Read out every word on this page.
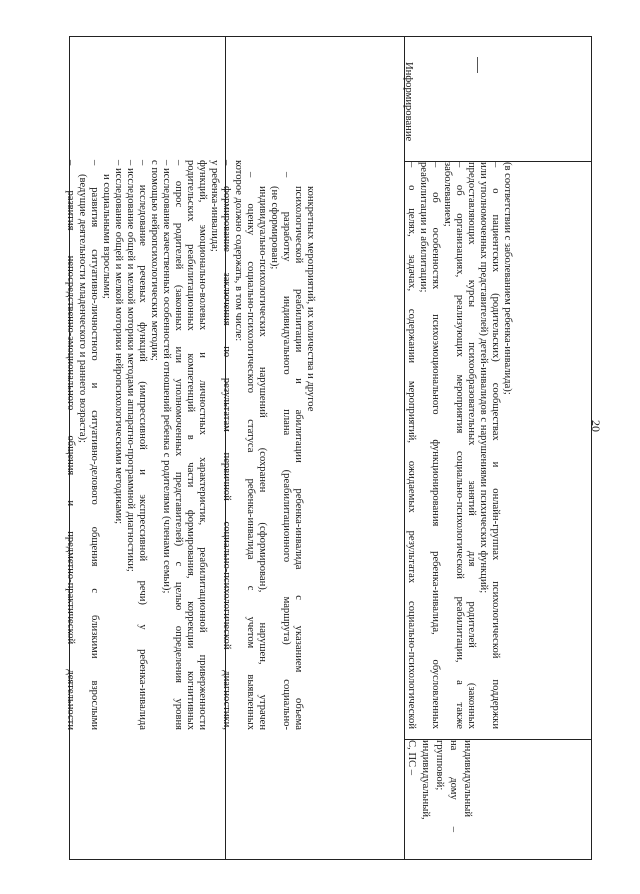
20
– развития непосредственно-эмоционального общения и предметно-практической деятельности (ведущие деятельности младенческого и раннего возраста); – развития ситуативно-личностного и ситуативно-делового общения с близкими взрослыми и социальными взрослыми; – исследование общей и мелкой моторики нейропсихологическими методиками; – исследование общей и мелкой моторики методами аппаратно-программной диагностики; – исследование речевых функций (импрессивной и экспрессивной речи) у ребенка-инвалида с помощью нейропсихологических методик; – исследование качественных особенностей отношений ребенка с родителями (членами семьи); – опрос родителей (законных или уполномоченных представителей) с целью определения уровня родительских реабилитационных компетенций в части формирования, коррекции когнитивных функций, эмоционально-волевых и личностных характеристик, реабилитационной приверженности у ребенка-инвалида; – формирование заключения по результатам первичной социально-психологической диагностики, которое должно содержать, в том числе: – оценку социально-психологического статуса ребенка-инвалида с учетом выявленных индивидуально-психологических нарушений (сохранен (сформирован), нарушен, утрачен (не сформирован); – разработку индивидуального плана (реабилитационного маршрута) социально- психологической реабилитации и абилитации ребенка-инвалида с указанием объема конкретных мероприятий, их количества и другое
Информирование
– о целях, задачах, содержании мероприятий, ожидаемых результатах социально-психологической реабилитации и абилитации; – об особенностях психоэмоционального функционирования ребенка-инвалида, обусловленных заболеванием; – об организациях, реализующих мероприятия социально-психологической реабилитации, а также предоставляющих курсы психообразовательных занятий для родителей (законных или уполномоченных представителей) детей-инвалидов с нарушениями психических функций; – о пациентских (родительских) сообществах и онлайн-группах психологической поддержки (в соответствии с заболеванием ребенка-инвалида);
С, ПС – индивидуальный, групповой; на дому – индивидуальный
